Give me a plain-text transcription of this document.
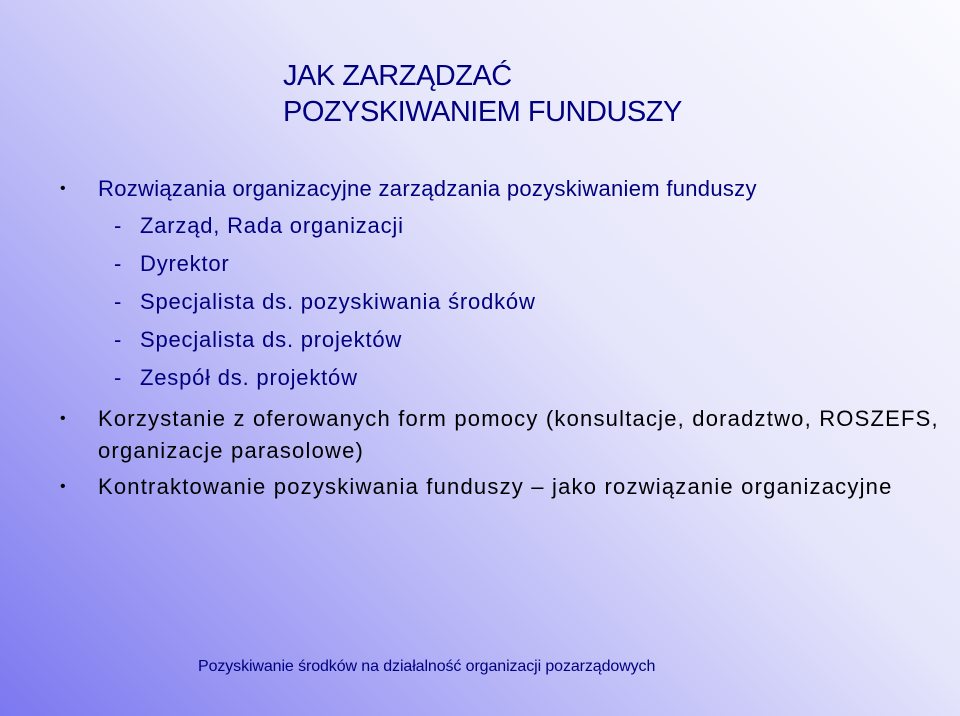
JAK ZARZĄDZAĆ
POZYSKIWANIEM FUNDUSZY
•	Rozwiązania organizacyjne zarządzania pozyskiwaniem funduszy
- Zarząd, Rada organizacji
- Dyrektor
- Specjalista ds. pozyskiwania środków
- Specjalista ds. projektów
- Zespół ds. projektów
•	Korzystanie z oferowanych form pomocy (konsultacje, doradztwo, ROSZEFS, organizacje parasolowe)
•	Kontraktowanie pozyskiwania funduszy – jako rozwiązanie organizacyjne
Pozyskiwanie środków na działalność organizacji pozarządowych
